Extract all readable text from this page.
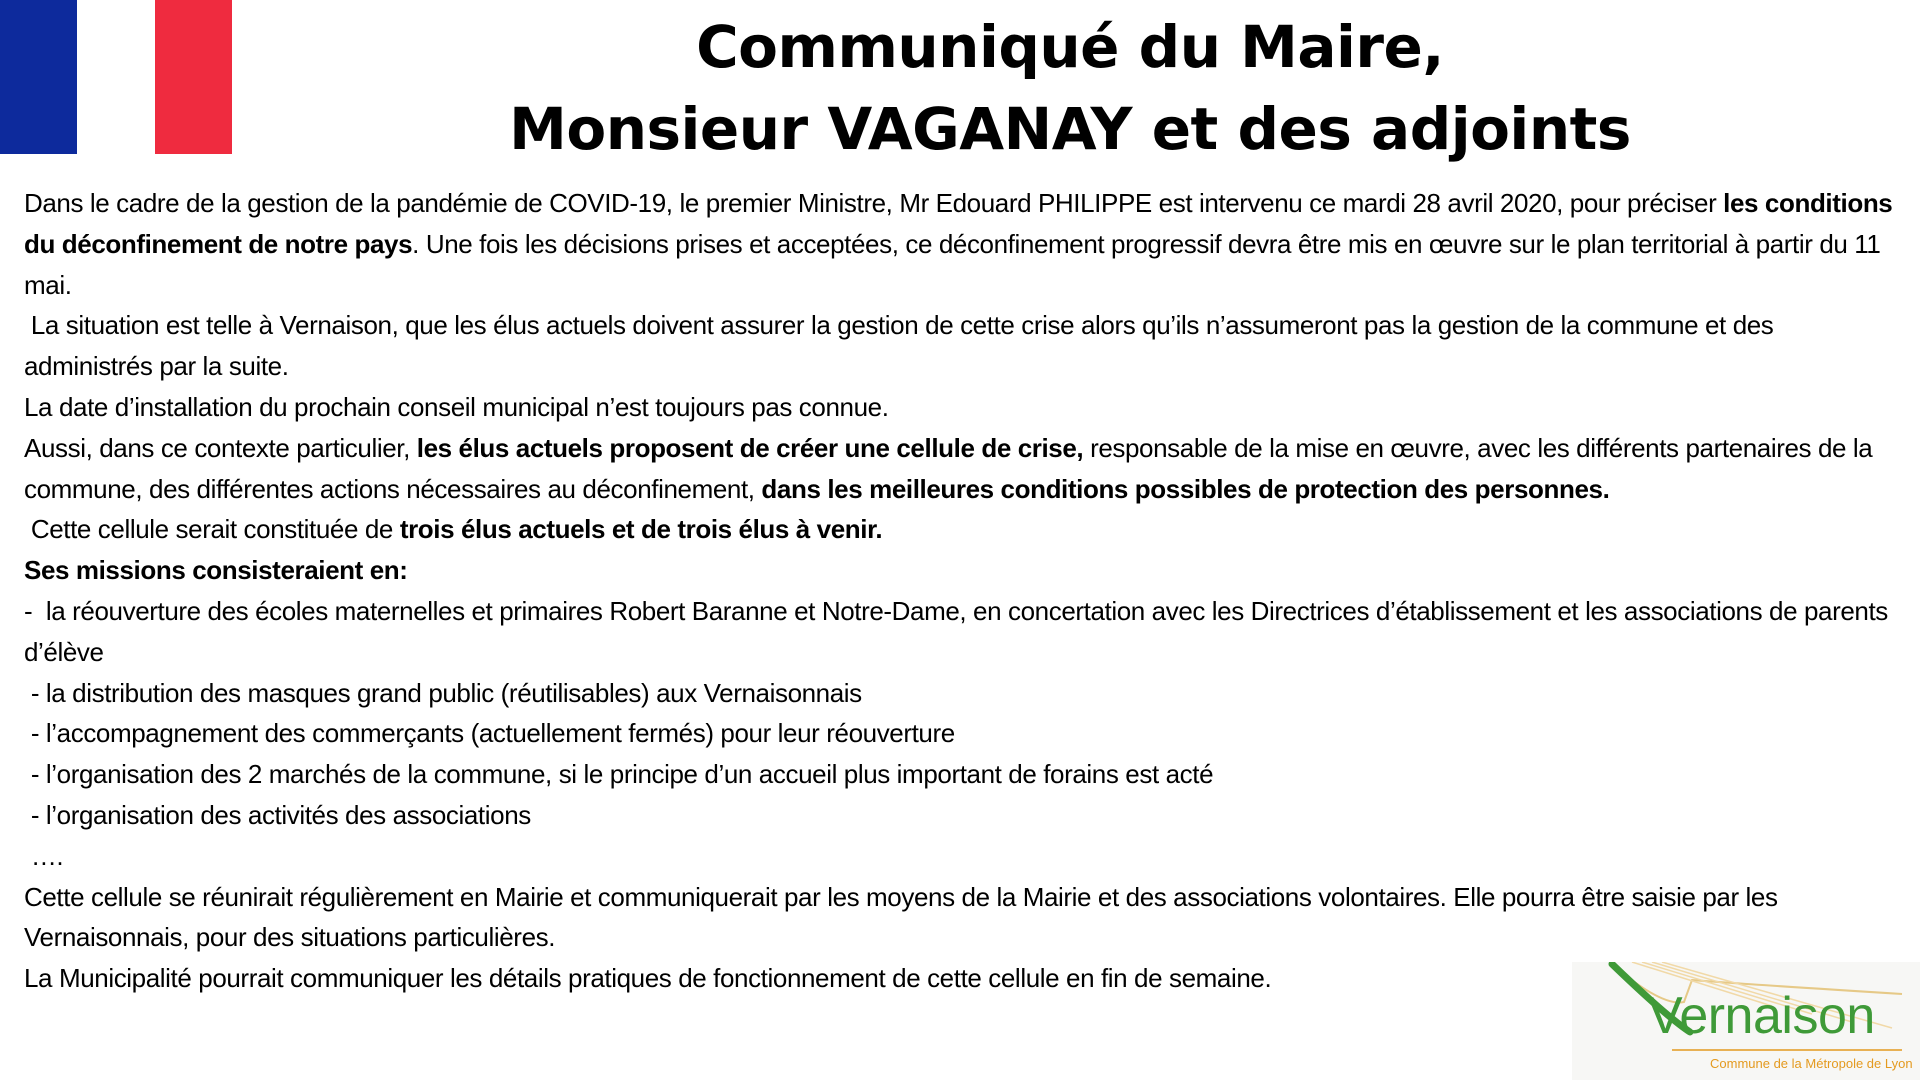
Communiqué du Maire,
Monsieur VAGANAY et des adjoints

Dans le cadre de la gestion de la pandémie de COVID-19, le premier Ministre, Mr Edouard PHILIPPE est intervenu ce mardi 28 avril 2020, pour préciser les conditions du déconfinement de notre pays. Une fois les décisions prises et acceptées, ce déconfinement progressif devra être mis en œuvre sur le plan territorial à partir du 11 mai.

La situation est telle à Vernaison, que les élus actuels doivent assurer la gestion de cette crise alors qu’ils n’assumeront pas la gestion de la commune et des administrés par la suite.

La date d’installation du prochain conseil municipal n’est toujours pas connue.

Aussi, dans ce contexte particulier, les élus actuels proposent de créer une cellule de crise, responsable de la mise en œuvre, avec les différents partenaires de la commune, des différentes actions nécessaires au déconfinement, dans les meilleures conditions possibles de protection des personnes.

Cette cellule serait constituée de trois élus actuels et de trois élus à venir.

Ses missions consisteraient en:

-  la réouverture des écoles maternelles et primaires Robert Baranne et Notre-Dame, en concertation avec les Directrices d’établissement et les associations de parents d’élève

- la distribution des masques grand public (réutilisables) aux Vernaisonnais

- l’accompagnement des commerçants (actuellement fermés) pour leur réouverture

- l’organisation des 2 marchés de la commune, si le principe d’un accueil plus important de forains est acté

- l’organisation des activités des associations

….

Cette cellule se réunirait régulièrement en Mairie et communiquerait par les moyens de la Mairie et des associations volontaires. Elle pourra être saisie par les Vernaisonnais, pour des situations particulières.

La Municipalité pourrait communiquer les détails pratiques de fonctionnement de cette cellule en fin de semaine.

Vernaison
Commune de la Métropole de Lyon
